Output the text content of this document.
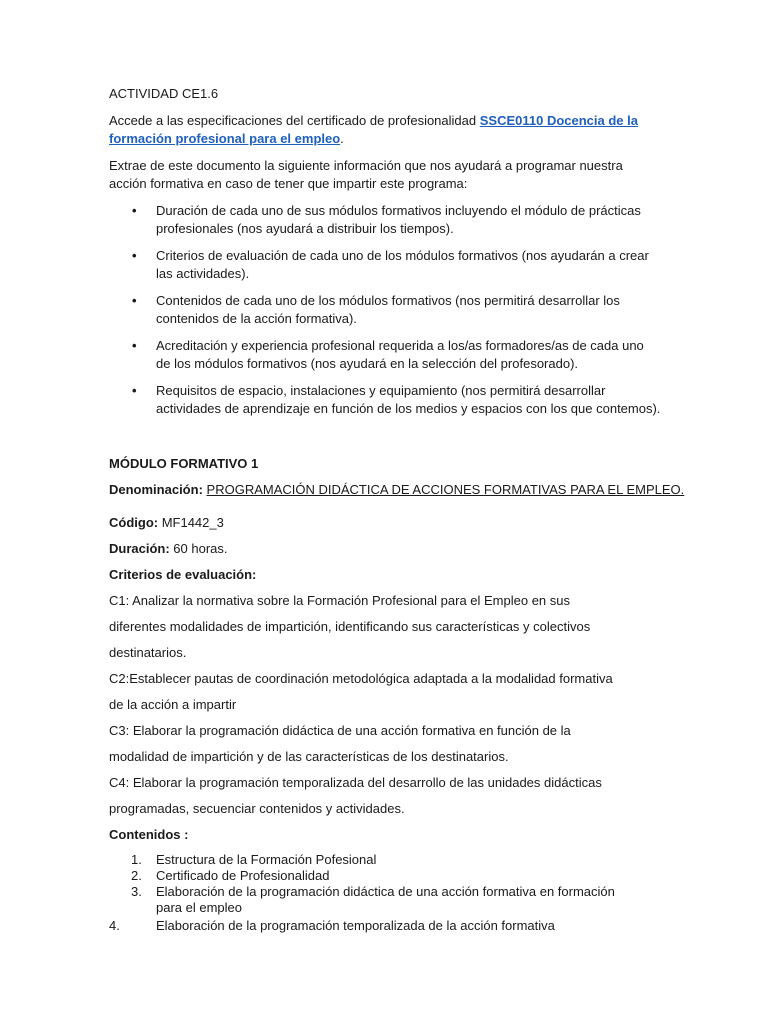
ACTIVIDAD CE1.6
Accede a las especificaciones del certificado de profesionalidad SSCE0110 Docencia de la
formación profesional para el empleo.
Extrae de este documento la siguiente información que nos ayudará a programar nuestra
acción formativa en caso de tener que impartir este programa:
• Duración de cada uno de sus módulos formativos incluyendo el módulo de prácticas
profesionales (nos ayudará a distribuir los tiempos).
• Criterios de evaluación de cada uno de los módulos formativos (nos ayudarán a crear
las actividades).
• Contenidos de cada uno de los módulos formativos (nos permitirá desarrollar los
contenidos de la acción formativa).
• Acreditación y experiencia profesional requerida a los/as formadores/as de cada uno
de los módulos formativos (nos ayudará en la selección del profesorado).
• Requisitos de espacio, instalaciones y equipamiento (nos permitirá desarrollar
actividades de aprendizaje en función de los medios y espacios con los que contemos).
MÓDULO FORMATIVO 1
Denominación: PROGRAMACIÓN DIDÁCTICA DE ACCIONES FORMATIVAS PARA EL EMPLEO.
Código: MF1442_3
Duración: 60 horas.
Criterios de evaluación:
C1: Analizar la normativa sobre la Formación Profesional para el Empleo en sus
diferentes modalidades de impartición, identificando sus características y colectivos
destinatarios.
C2:Establecer pautas de coordinación metodológica adaptada a la modalidad formativa
de la acción a impartir
C3: Elaborar la programación didáctica de una acción formativa en función de la
modalidad de impartición y de las características de los destinatarios.
C4: Elaborar la programación temporalizada del desarrollo de las unidades didácticas
programadas, secuenciar contenidos y actividades.
Contenidos :
1. Estructura de la Formación Pofesional
2. Certificado de Profesionalidad
3. Elaboración de la programación didáctica de una acción formativa en formación
para el empleo
4.	Elaboración de la programación temporalizada de la acción formativa
